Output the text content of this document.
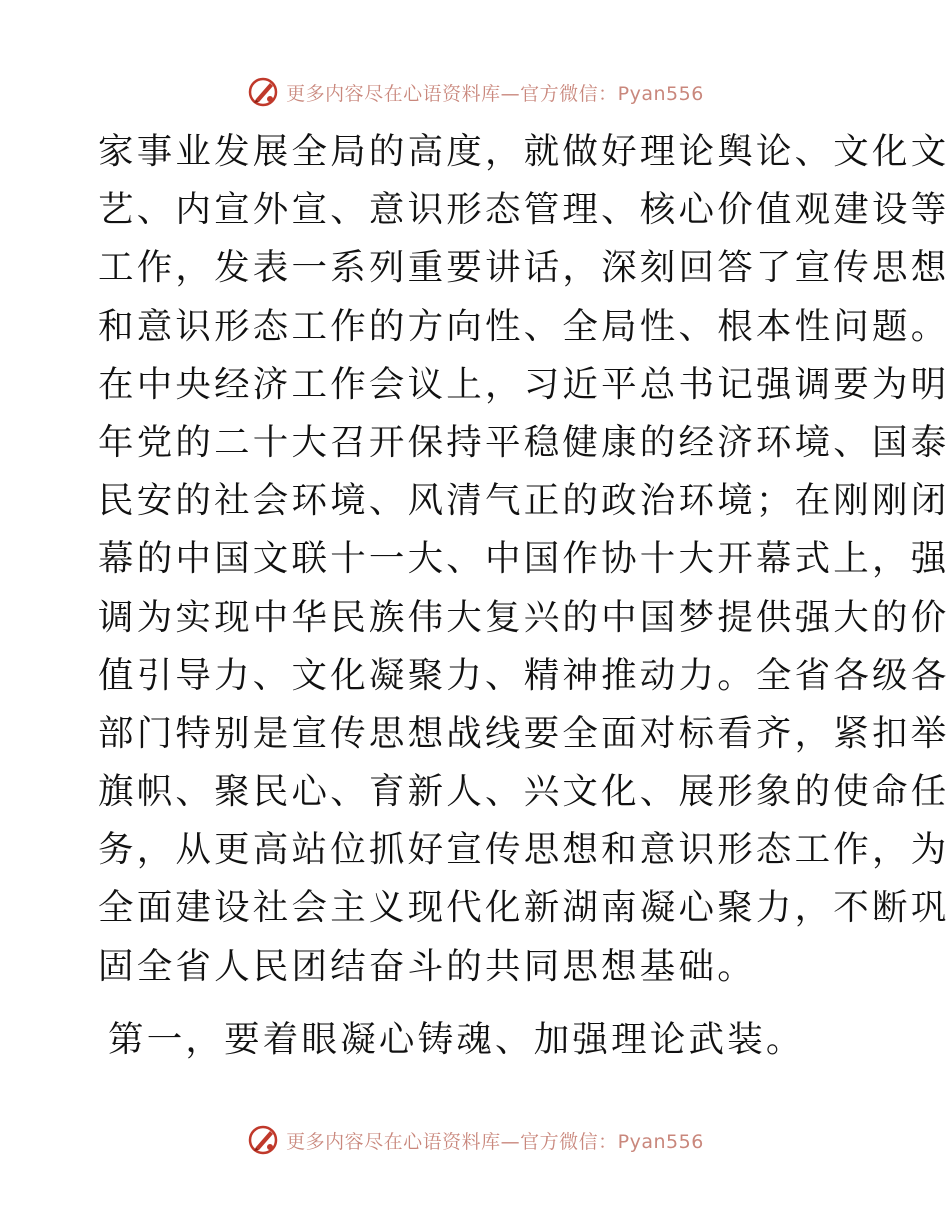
更多内容尽在心语资料库—官方微信：Pyan556
家事业发展全局的高度，就做好理论舆论、文化文
艺、内宣外宣、意识形态管理、核心价值观建设等
工作，发表一系列重要讲话，深刻回答了宣传思想
和意识形态工作的方向性、全局性、根本性问题。
在中央经济工作会议上，习近平总书记强调要为明
年党的二十大召开保持平稳健康的经济环境、国泰
民安的社会环境、风清气正的政治环境；在刚刚闭
幕的中国文联十一大、中国作协十大开幕式上，强
调为实现中华民族伟大复兴的中国梦提供强大的价
值引导力、文化凝聚力、精神推动力。全省各级各
部门特别是宣传思想战线要全面对标看齐，紧扣举
旗帜、聚民心、育新人、兴文化、展形象的使命任
务，从更高站位抓好宣传思想和意识形态工作，为
全面建设社会主义现代化新湖南凝心聚力，不断巩
固全省人民团结奋斗的共同思想基础。
第一，要着眼凝心铸魂、加强理论武装。
更多内容尽在心语资料库—官方微信：Pyan556
